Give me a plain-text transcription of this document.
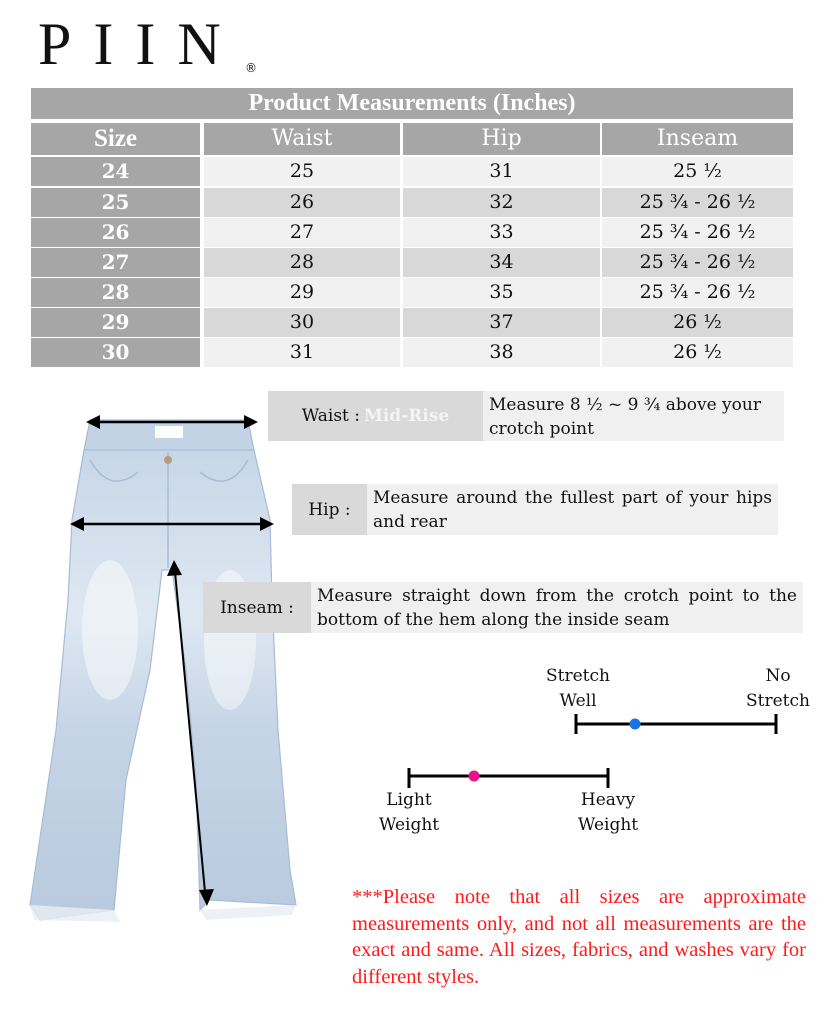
PIIN ®
Product Measurements (Inches)
Size	Waist	Hip	Inseam
24	25	31	25 ½
25	26	32	25 ¾ - 26 ½
26	27	33	25 ¾ - 26 ½
27	28	34	25 ¾ - 26 ½
28	29	35	25 ¾ - 26 ½
29	30	37	26 ½
30	31	38	26 ½
Waist : Mid-Rise
Measure 8 ½ ~ 9 ¾ above your crotch point
Hip :
Measure around the fullest part of your hips and rear
Inseam :
Measure straight down from the crotch point to the bottom of the hem along the inside seam
Stretch
Well
No
Stretch
Light
Weight
Heavy
Weight
***Please note that all sizes are approximate measurements only, and not all measurements are the exact and same. All sizes, fabrics, and washes vary for different styles.
